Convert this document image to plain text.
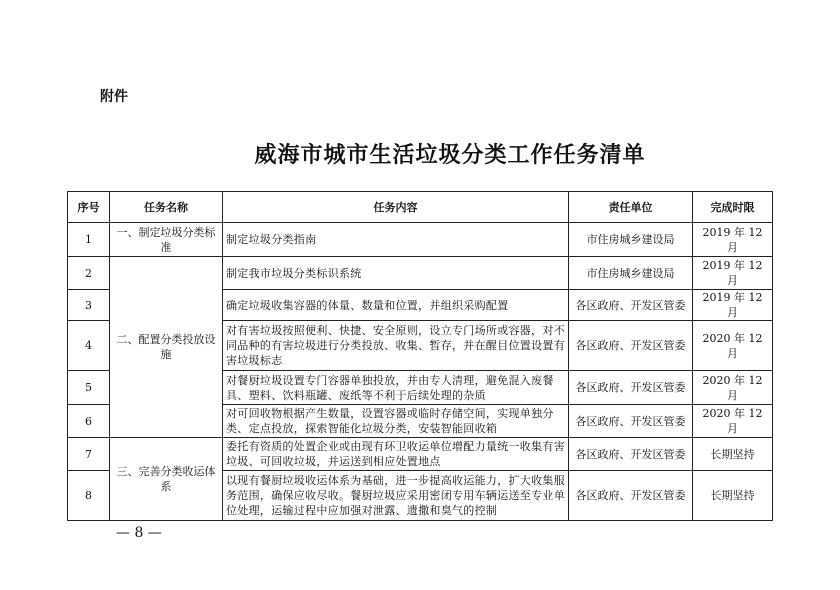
附件
威海市城市生活垃圾分类工作任务清单
序号	任务名称	任务内容	责任单位	完成时限
1	一、制定垃圾分类标准	制定垃圾分类指南	市住房城乡建设局	2019 年 12 月
2	二、配置分类投放设施	制定我市垃圾分类标识系统	市住房城乡建设局	2019 年 12 月
3		确定垃圾收集容器的体量、数量和位置，并组织采购配置	各区政府、开发区管委	2019 年 12 月
4		对有害垃圾按照便利、快捷、安全原则，设立专门场所或容器，对不同品种的有害垃圾进行分类投放、收集、暂存，并在醒目位置设置有害垃圾标志	各区政府、开发区管委	2020 年 12 月
5		对餐厨垃圾设置专门容器单独投放，并由专人清理，避免混入废餐具、塑料、饮料瓶罐、废纸等不利于后续处理的杂质	各区政府、开发区管委	2020 年 12 月
6		对可回收物根据产生数量，设置容器或临时存储空间，实现单独分类、定点投放，探索智能化垃圾分类，安装智能回收箱	各区政府、开发区管委	2020 年 12 月
7	三、完善分类收运体系	委托有资质的处置企业或由现有环卫收运单位增配力量统一收集有害垃圾、可回收垃圾，并运送到相应处置地点	各区政府、开发区管委	长期坚持
8		以现有餐厨垃圾收运体系为基础，进一步提高收运能力，扩大收集服务范围，确保应收尽收。餐厨垃圾应采用密闭专用车辆运送至专业单位处理，运输过程中应加强对泄露、遗撒和臭气的控制	各区政府、开发区管委	长期坚持
— 8 —
